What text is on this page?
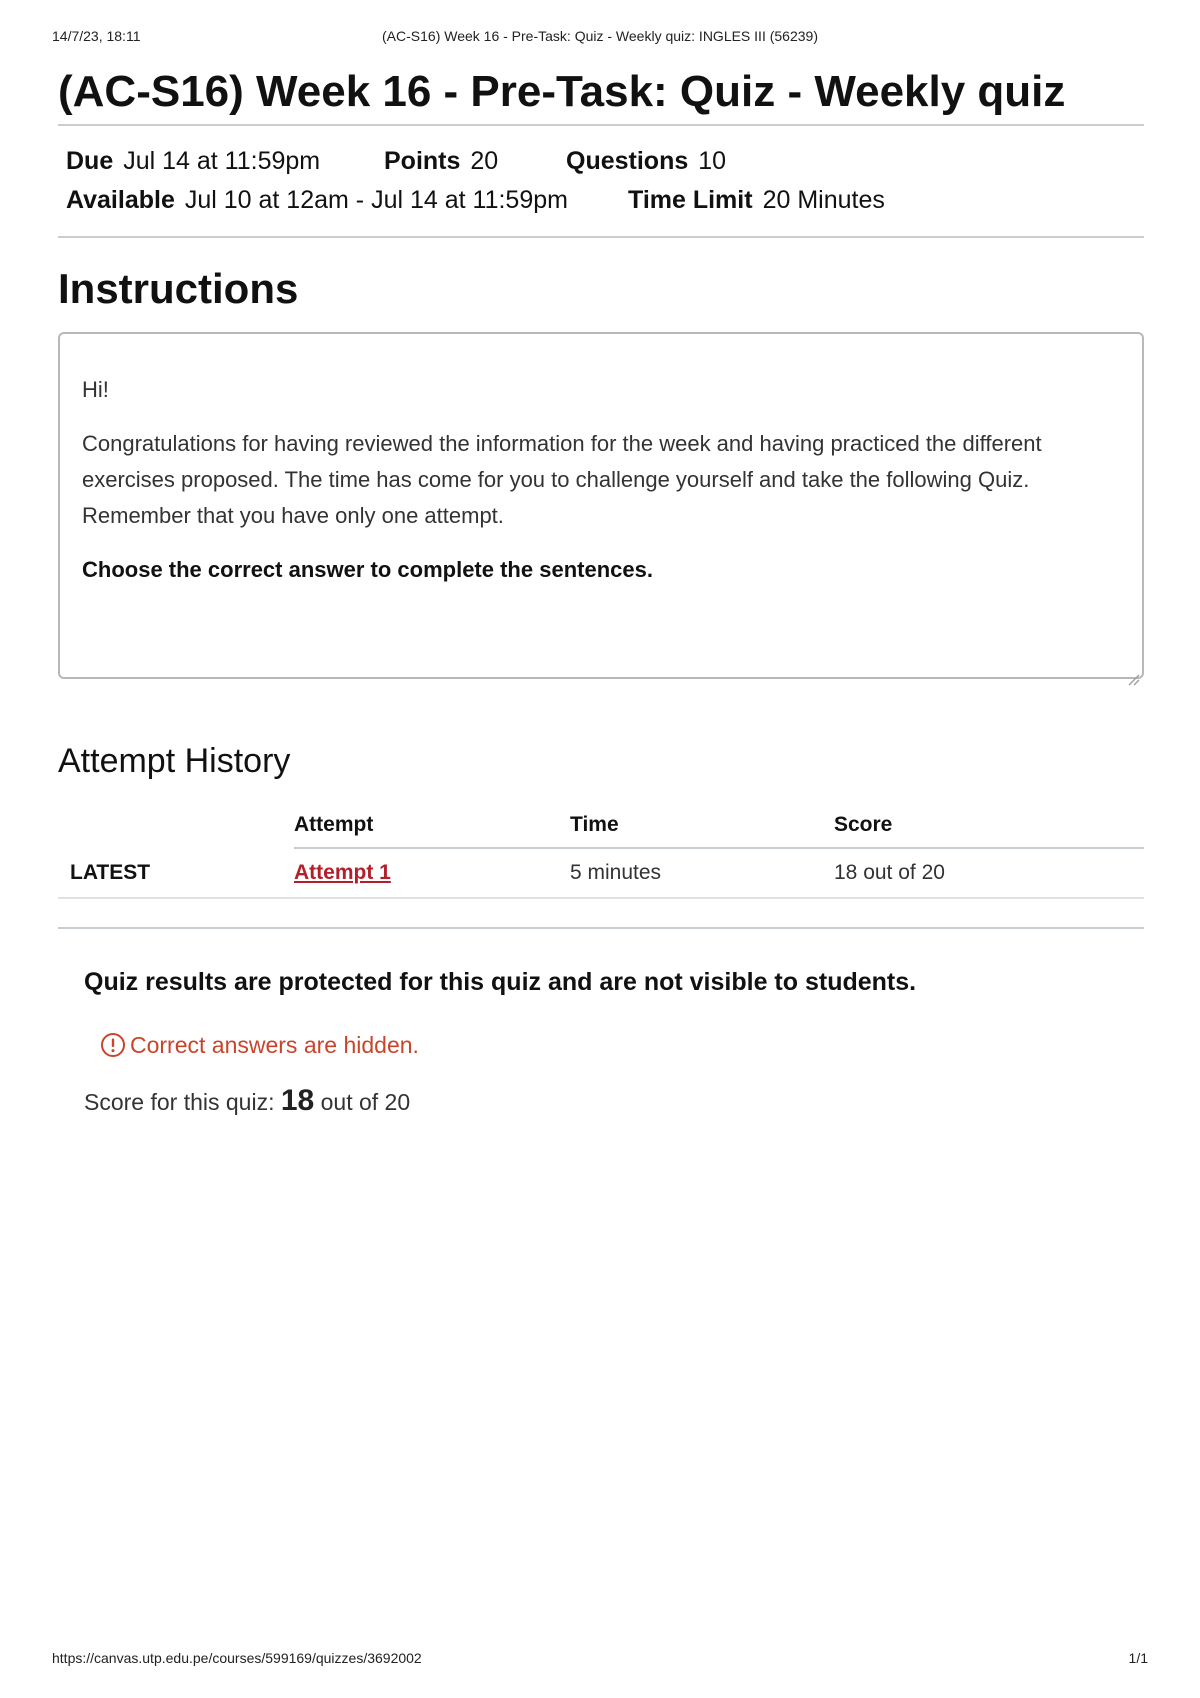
14/7/23, 18:11	(AC-S16) Week 16 - Pre-Task: Quiz - Weekly quiz: INGLES III (56239)
(AC-S16) Week 16 - Pre-Task: Quiz - Weekly quiz
Due Jul 14 at 11:59pm	Points 20	Questions 10
Available Jul 10 at 12am - Jul 14 at 11:59pm Time Limit 20 Minutes
Instructions

Hi!

Congratulations for having reviewed the information for the week and having practiced the different exercises proposed. The time has come for you to challenge yourself and take the following Quiz. Remember that you have only one attempt.

Choose the correct answer to complete the sentences.

Attempt History
	Attempt	Time	Score
LATEST	Attempt 1	5 minutes	18 out of 20

Quiz results are protected for this quiz and are not visible to students.

Correct answers are hidden.
Score for this quiz: 18 out of 20
https://canvas.utp.edu.pe/courses/599169/quizzes/3692002	1/1
